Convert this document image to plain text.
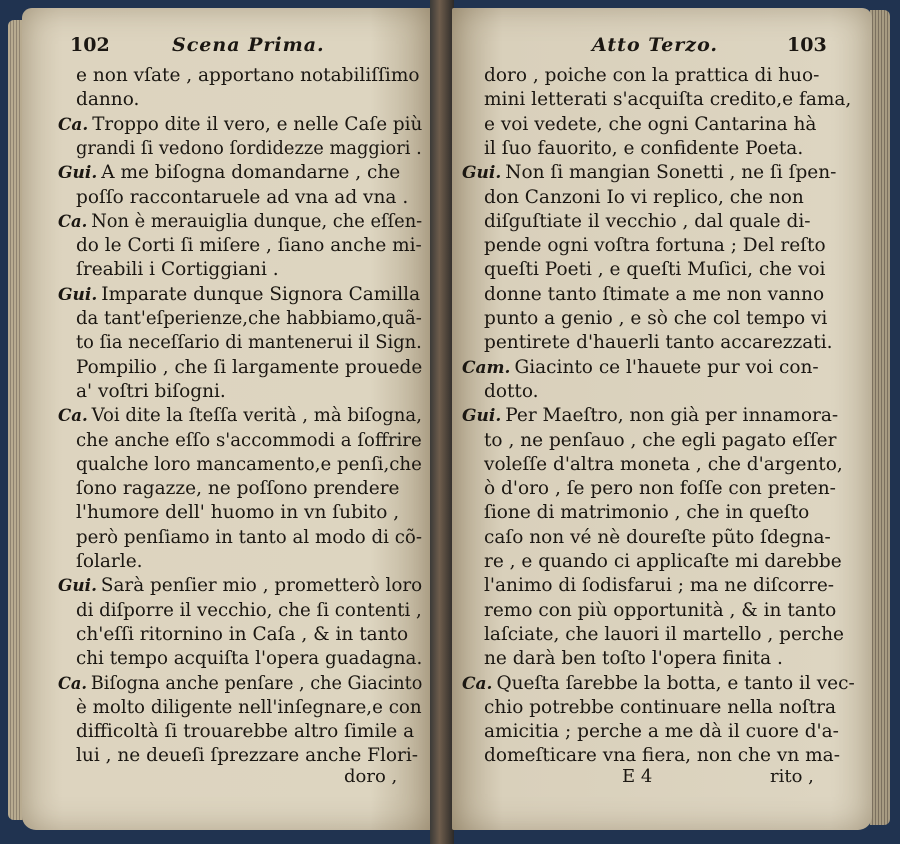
102	Scena Prima.
e non vſate , apportano notabiliſſimo
danno.
Ca. Troppo dite il vero, e nelle Caſe più
grandi ſi vedono ſordidezze maggiori .
Gui. A me biſogna domandarne , che
poſſo raccontaruele ad vna ad vna .
Ca. Non è merauiglia dunque, che eſſen-
do le Corti ſi miſere , ſiano anche mi-
ſreabili i Cortiggiani .
Gui. Imparate dunque Signora Camilla
da tant'eſperienze,che habbiamo,quã-
to ſia neceſſario di mantenerui il Sign.
Pompilio , che ſi largamente prouede
a' voſtri biſogni.
Ca. Voi dite la ſteſſa verità , mà biſogna,
che anche eſſo s'accommodi a ſoffrire
qualche loro mancamento,e penſi,che
ſono ragazze, ne poſſono prendere
l'humore dell' huomo in vn ſubito ,
però penſiamo in tanto al modo di cõ-
ſolarle.
Gui. Sarà penſier mio , prometterò loro
di diſporre il vecchio, che ſi contenti ,
ch'eſſi ritornino in Caſa , & in tanto
chi tempo acquiſta l'opera guadagna.
Ca. Biſogna anche penſare , che Giacinto
è molto diligente nell'inſegnare,e con
difficoltà ſi trouarebbe altro ſimile a
lui , ne deueſi ſprezzare anche Flori-
doro ,
Atto Terzo.	103
doro , poiche con la prattica di huo-
mini letterati s'acquiſta credito,e fama,
e voi vedete, che ogni Cantarina hà
il ſuo fauorito, e confidente Poeta.
Gui. Non ſi mangian Sonetti , ne ſi ſpen-
don Canzoni Io vi replico, che non
diſguſtiate il vecchio , dal quale di-
pende ogni voſtra fortuna ; Del reſto
queſti Poeti , e queſti Muſici, che voi
donne tanto ſtimate a me non vanno
punto a genio , e sò che col tempo vi
pentirete d'hauerli tanto accarezzati.
Cam. Giacinto ce l'hauete pur voi con-
dotto.
Gui. Per Maeſtro, non già per innamora-
to , ne penſauo , che egli pagato eſſer
voleſſe d'altra moneta , che d'argento,
ò d'oro , ſe pero non foſſe con preten-
ſione di matrimonio , che in queſto
caſo non vé nè doureſte pũto ſdegna-
re , e quando ci applicaſte mi darebbe
l'animo di ſodisfarui ; ma ne diſcorre-
remo con più opportunità , & in tanto
laſciate, che lauori il martello , perche
ne darà ben toſto l'opera finita .
Ca. Queſta ſarebbe la botta, e tanto il vec-
chio potrebbe continuare nella noſtra
amicitia ; perche a me dà il cuore d'a-
domeſticare vna fiera, non che vn ma-
E 4	rito ,
